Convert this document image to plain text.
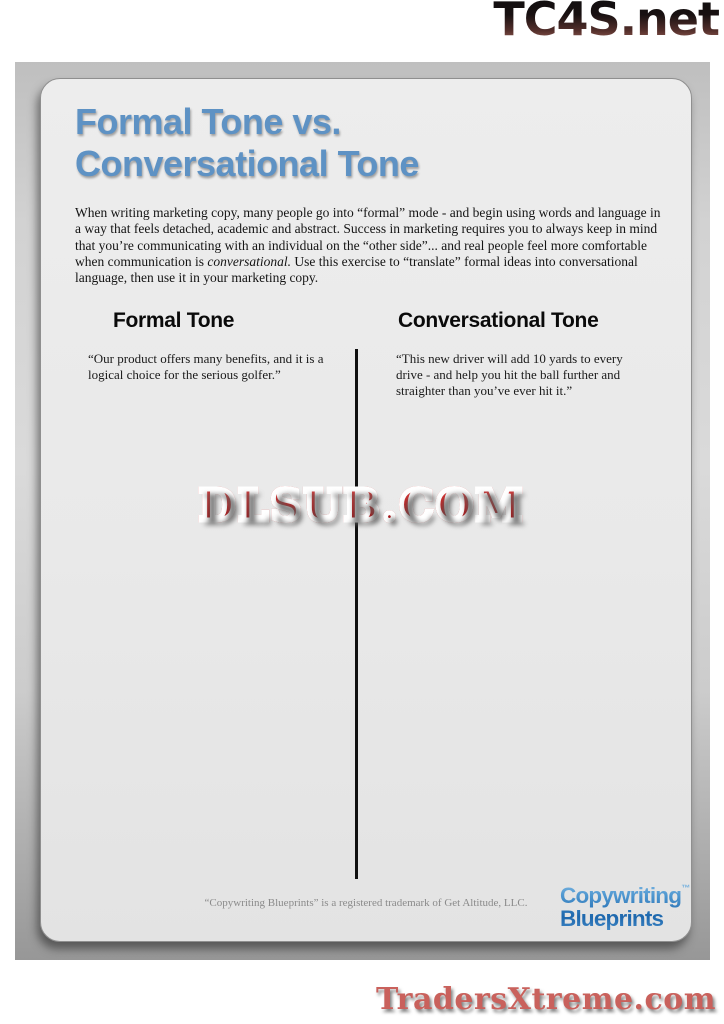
TC4S.net
Formal Tone vs.
Conversational Tone

When writing marketing copy, many people go into “formal” mode - and begin using words and language in a way that feels detached, academic and abstract. Success in marketing requires you to always keep in mind that you’re communicating with an individual on the “other side”... and real people feel more comfortable when communication is conversational. Use this exercise to “translate” formal ideas into conversational language, then use it in your marketing copy.

Formal Tone	Conversational Tone

“Our product offers many benefits, and it is a logical choice for the serious golfer.”

“This new driver will add 10 yards to every drive - and help you hit the ball further and straighter than you’ve ever hit it.”

DLSUB.COM
“Copywriting Blueprints” is a registered trademark of Get Altitude, LLC.	Copywriting™
Blueprints
TradersXtreme.com
